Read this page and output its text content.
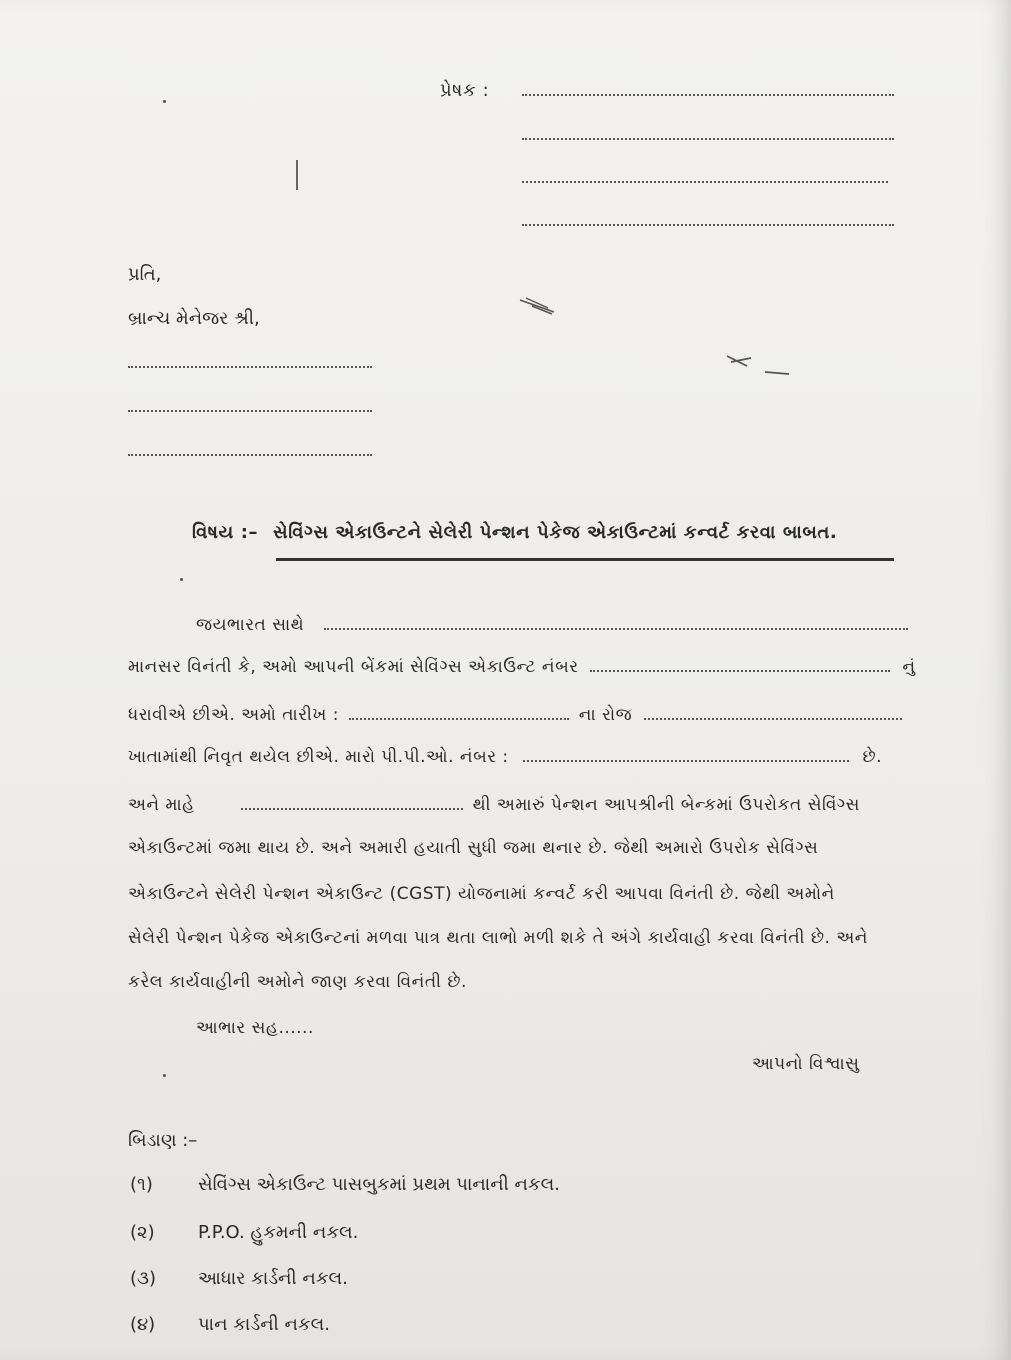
પ્રેષક :
પ્રતિ,
બ્રાન્ચ મેનેજર શ્રી,
વિષય :– સેવિંગ્સ એકાઉન્ટને સેલેરી પેન્શન પેકેજ એકાઉન્ટમાં કન્વર્ટ કરવા બાબત.
જયભારત સાથે
માનસર વિનંતી કે, અમો આપની બેંકમાં સેવિંગ્સ એકાઉન્ટ નંબર	નું
ધરાવીએ છીએ. અમો તારીખ :	ના રોજ
ખાતામાંથી નિવૃત થયેલ છીએ. મારો પી.પી.ઓ. નંબર :	છે.
અને માહે	થી અમારું પેન્શન આપશ્રીની બેન્કમાં ઉપરોકત સેવિંગ્સ
એકાઉન્ટમાં જમા થાય છે. અને અમારી હયાતી સુધી જમા થનાર છે. જેથી અમારો ઉપરોક સેવિંગ્સ
એકાઉન્ટને સેલેરી પેન્શન એકાઉન્ટ (CGST) યોજનામાં કન્વર્ટ કરી આપવા વિનંતી છે. જેથી અમોને
સેલેરી પેન્શન પેકેજ એકાઉન્ટનાં મળવા પાત્ર થતા લાભો મળી શકે તે અંગે કાર્યવાહી કરવા વિનંતી છે. અને
કરેલ કાર્યવાહીની અમોને જાણ કરવા વિનંતી છે.
આભાર સહ......
આપનો વિશ્વાસુ
બિડાણ :–
(૧)	સેવિંગ્સ એકાઉન્ટ પાસબુકમાં પ્રથમ પાનાની નકલ.
(૨) P.P.O. હુકમની નકલ.
(૩) આધાર કાર્ડની નકલ.
(૪) પાન કાર્ડની નકલ.
